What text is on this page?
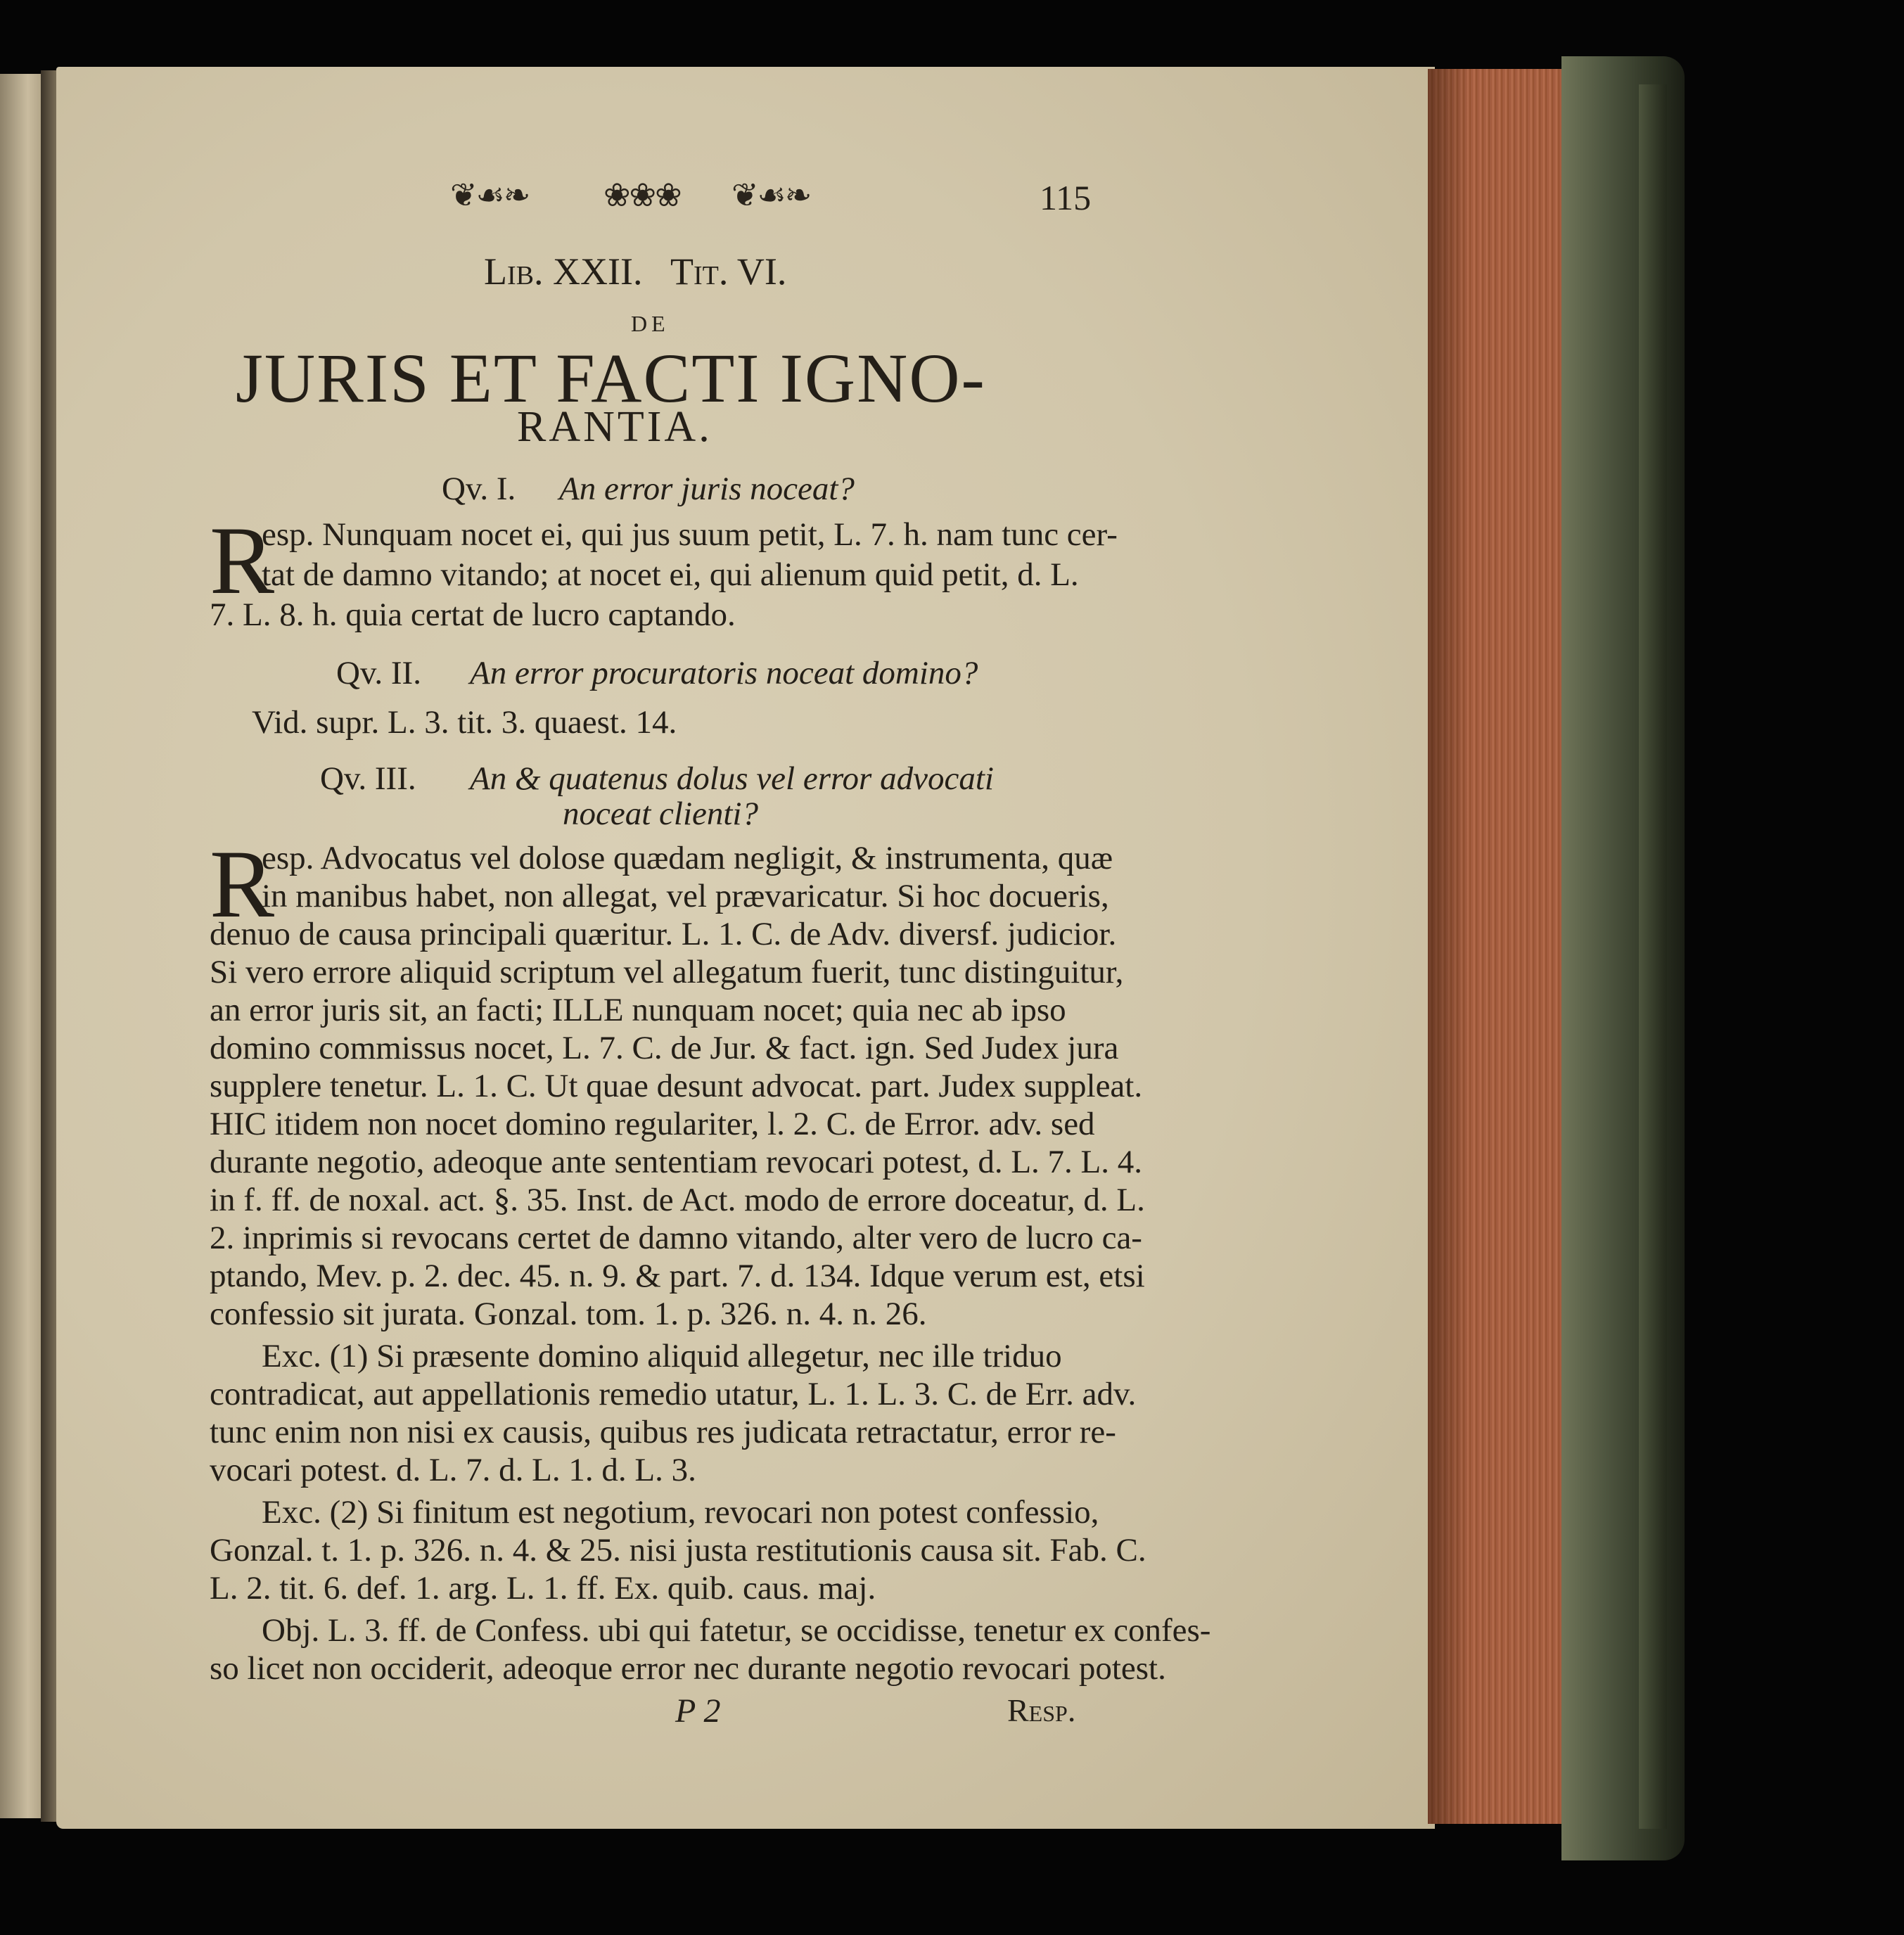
❦☙❧ ❀❀❀ ❦☙❧	115
Lib. XXII.   Tit. VI.
DE
JURIS ET FACTI IGNO-
RANTIA.
Qv. I. An error juris noceat?
R
esp. Nunquam nocet ei, qui jus suum petit, L. 7. h. nam tunc cer-
tat de damno vitando; at nocet ei, qui alienum quid petit, d. L.
7. L. 8. h. quia certat de lucro captando.
Qv. II. An error procuratoris noceat domino?
Vid. supr. L. 3. tit. 3. quaest. 14.
Qv. III. An & quatenus dolus vel error advocati
noceat clienti?
R
esp. Advocatus vel dolose quædam negligit, & instrumenta, quæ
in manibus habet, non allegat, vel prævaricatur. Si hoc docueris,
denuo de causa principali quæritur. L. 1. C. de Adv. diversf. judicior.
Si vero errore aliquid scriptum vel allegatum fuerit, tunc distinguitur,
an error juris sit, an facti; ILLE nunquam nocet; quia nec ab ipso
domino commissus nocet, L. 7. C. de Jur. & fact. ign. Sed Judex jura
supplere tenetur. L. 1. C. Ut quae desunt advocat. part. Judex suppleat.
HIC itidem non nocet domino regulariter, l. 2. C. de Error. adv. sed
durante negotio, adeoque ante sententiam revocari potest, d. L. 7. L. 4.
in f. ff. de noxal. act. §. 35. Inst. de Act. modo de errore doceatur, d. L.
2. inprimis si revocans certet de damno vitando, alter vero de lucro ca-
ptando, Mev. p. 2. dec. 45. n. 9. & part. 7. d. 134. Idque verum est, etsi
confessio sit jurata. Gonzal. tom. 1. p. 326. n. 4. n. 26.
Exc. (1) Si præsente domino aliquid allegetur, nec ille triduo
contradicat, aut appellationis remedio utatur, L. 1. L. 3. C. de Err. adv.
tunc enim non nisi ex causis, quibus res judicata retractatur, error re-
vocari potest. d. L. 7. d. L. 1. d. L. 3.
Exc. (2) Si finitum est negotium, revocari non potest confessio,
Gonzal. t. 1. p. 326. n. 4. & 25. nisi justa restitutionis causa sit. Fab. C.
L. 2. tit. 6. def. 1. arg. L. 1. ff. Ex. quib. caus. maj.
Obj. L. 3. ff. de Confess. ubi qui fatetur, se occidisse, tenetur ex confes-
so licet non occiderit, adeoque error nec durante negotio revocari potest.
P 2	Resp.
